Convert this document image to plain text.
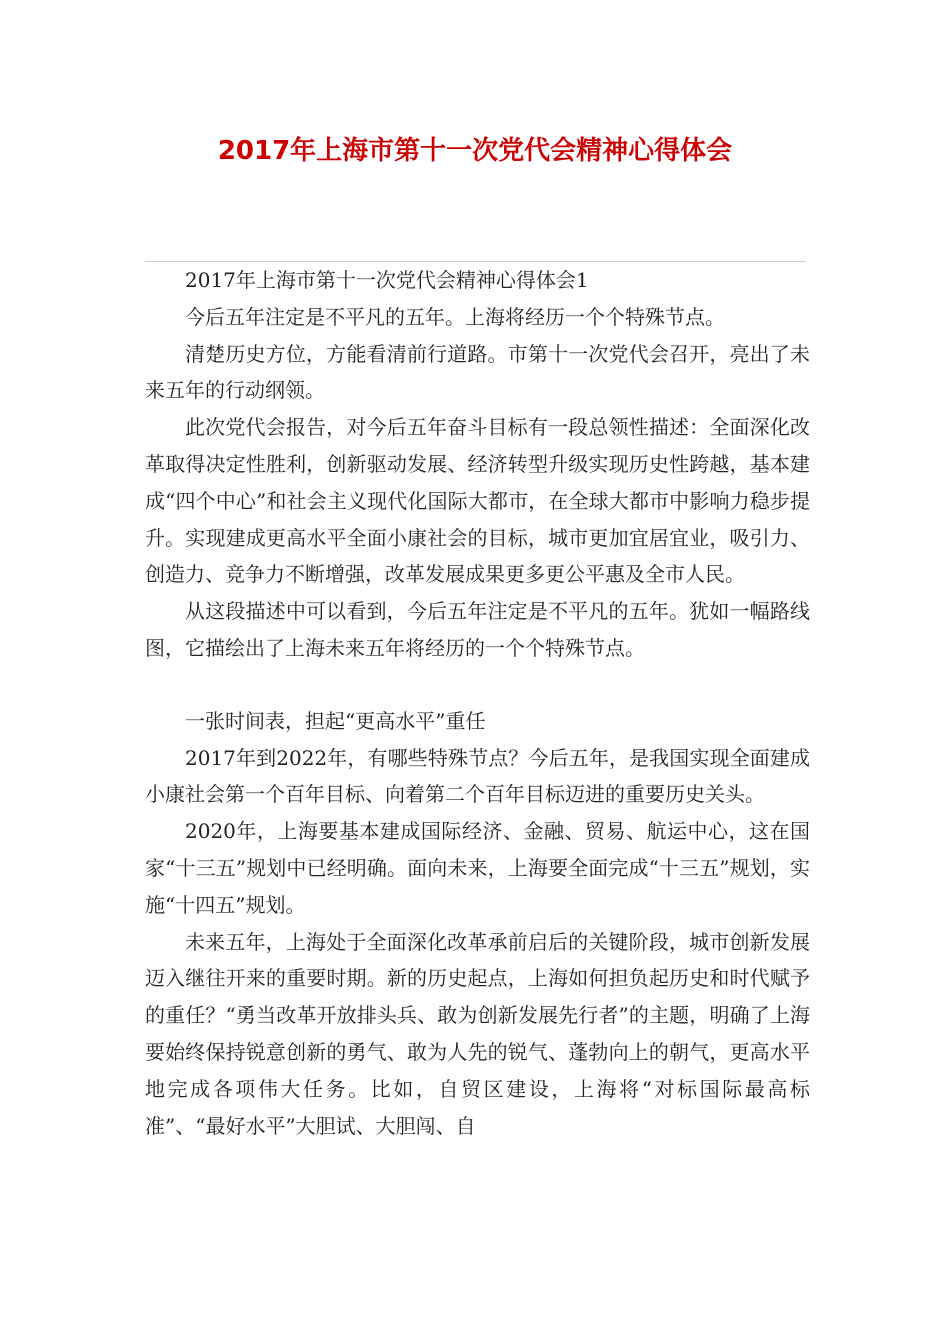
2017年上海市第十一次党代会精神心得体会

2017年上海市第十一次党代会精神心得体会1

今后五年注定是不平凡的五年。上海将经历一个个特殊节点。

清楚历史方位，方能看清前行道路。市第十一次党代会召开，亮出了未来五年的行动纲领。

此次党代会报告，对今后五年奋斗目标有一段总领性描述：全面深化改革取得决定性胜利，创新驱动发展、经济转型升级实现历史性跨越，基本建成“四个中心”和社会主义现代化国际大都市，在全球大都市中影响力稳步提升。实现建成更高水平全面小康社会的目标，城市更加宜居宜业，吸引力、创造力、竞争力不断增强，改革发展成果更多更公平惠及全市人民。

从这段描述中可以看到，今后五年注定是不平凡的五年。犹如一幅路线图，它描绘出了上海未来五年将经历的一个个特殊节点。

一张时间表，担起“更高水平”重任

2017年到2022年，有哪些特殊节点？今后五年，是我国实现全面建成小康社会第一个百年目标、向着第二个百年目标迈进的重要历史关头。

2020年，上海要基本建成国际经济、金融、贸易、航运中心，这在国家“十三五”规划中已经明确。面向未来，上海要全面完成“十三五”规划，实施“十四五”规划。

未来五年，上海处于全面深化改革承前启后的关键阶段，城市创新发展迈入继往开来的重要时期。新的历史起点，上海如何担负起历史和时代赋予的重任？“勇当改革开放排头兵、敢为创新发展先行者”的主题，明确了上海要始终保持锐意创新的勇气、敢为人先的锐气、蓬勃向上的朝气，更高水平地完成各项伟大任务。比如，自贸区建设，上海将“对标国际最高标准”、“最好水平”大胆试、大胆闯、自
